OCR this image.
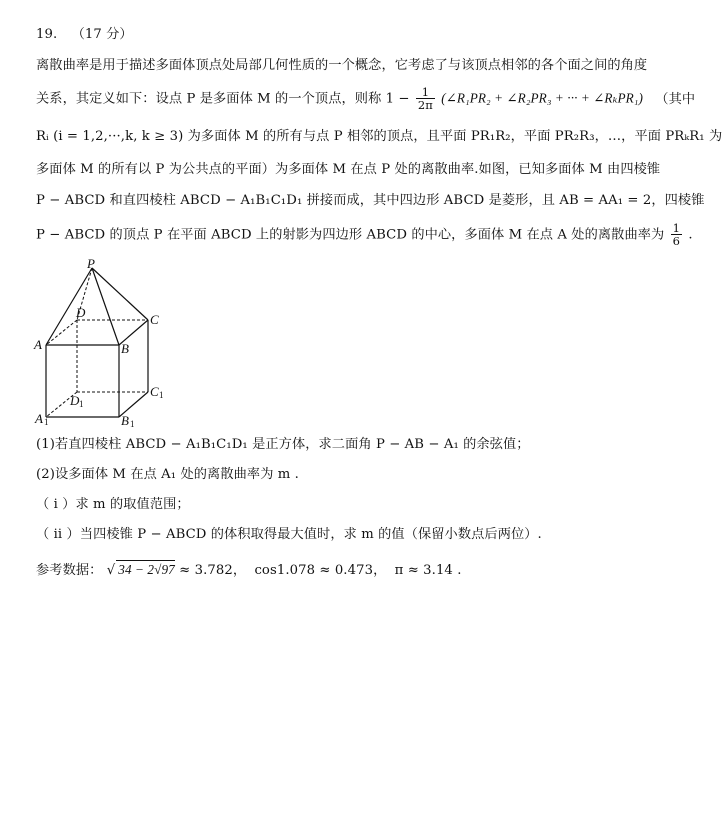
19. （17 分）
离散曲率是用于描述多面体顶点处局部几何性质的一个概念，它考虑了与该顶点相邻的各个面之间的角度
关系，其定义如下：设点 P 是多面体 M 的一个顶点，则称 $1 - \frac{1}{2\pi}$ (∠R₁PR₂ + ∠R₂PR₃ + ··· + ∠RₖPR₁) （其中
Rᵢ (i = 1,2,···,k, k ≥ 3) 为多面体 M 的所有与点 P 相邻的顶点，且平面 PR₁R₂，平面 PR₂R₃，…，平面 PRₖR₁ 为
多面体 M 的所有以 P 为公共点的平面）为多面体 M 在点 P 处的离散曲率.如图，已知多面体 M 由四棱锥
P − ABCD 和直四棱柱 ABCD − A₁B₁C₁D₁ 拼接而成，其中四边形 ABCD 是菱形，且 AB = AA₁ = 2，四棱锥
P − ABCD 的顶点 P 在平面 ABCD 上的射影为四边形 ABCD 的中心，多面体 M 在点 A 处的离散曲率为 $\frac{1}{6}$ .
P
D	C
A	B
C 1
D 1
A 1	B 1
(1)若直四棱柱 ABCD − A₁B₁C₁D₁ 是正方体，求二面角 P − AB − A₁ 的余弦值；
(2)设多面体 M 在点 A₁ 处的离散曲率为 m .
（ i ）求 m 的取值范围；
（ ii ）当四棱锥 P − ABCD 的体积取得最大值时，求 m 的值（保留小数点后两位）.
参考数据： √ 34 − 2√97 ≈ 3.782， cos1.078 ≈ 0.473， π ≈ 3.14 .
